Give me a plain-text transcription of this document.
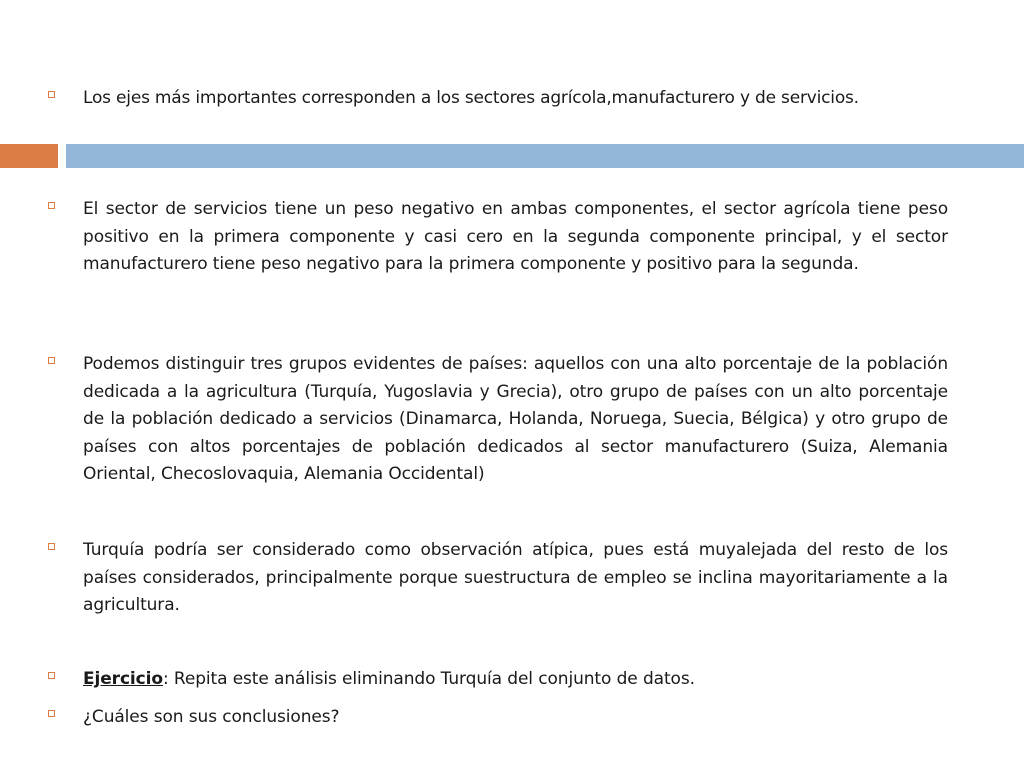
Los ejes más importantes corresponden a los sectores agrícola,manufacturero y de servicios.
El sector de servicios tiene un peso negativo en ambas componentes, el sector agrícola tiene peso positivo en la primera componente y casi cero en la segunda componente principal, y el sector manufacturero tiene peso negativo para la primera componente y positivo para la segunda.
Podemos distinguir tres grupos evidentes de países: aquellos con una alto porcentaje de la población dedicada a la agricultura (Turquía, Yugoslavia y Grecia), otro grupo de países con un alto porcentaje de la población dedicado a servicios (Dinamarca, Holanda, Noruega, Suecia, Bélgica) y otro grupo de países con altos porcentajes de población dedicados al sector manufacturero (Suiza, Alemania Oriental, Checoslovaquia, Alemania Occidental)
Turquía podría ser considerado como observación atípica, pues está muyalejada del resto de los países considerados, principalmente porque suestructura de empleo se inclina mayoritariamente a la agricultura.
Ejercicio: Repita este análisis eliminando Turquía del conjunto de datos.
¿Cuáles son sus conclusiones?
